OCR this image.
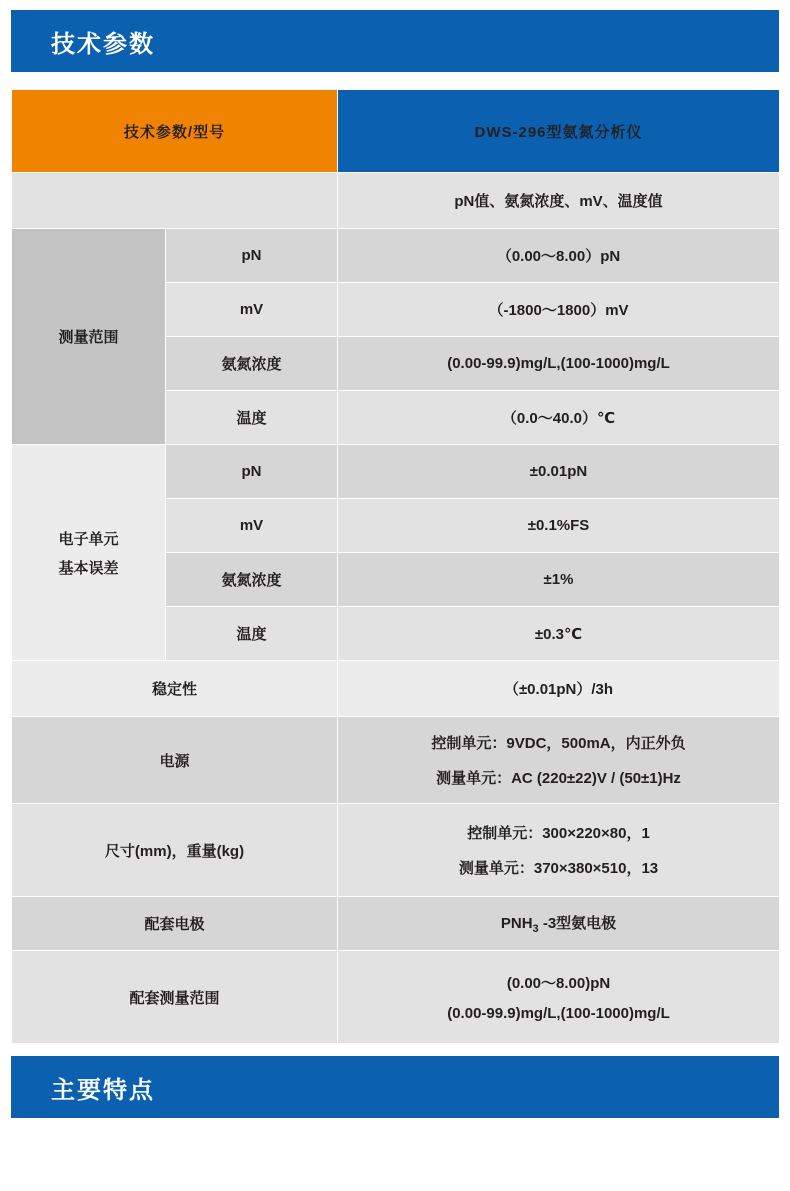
技术参数
技术参数/型号		DWS-296型氨氮分析仪
		pN值、氨氮浓度、mV、温度值
测量范围	pN	（0.00～8.00）pN
	mV	（-1800～1800）mV
	氨氮浓度	(0.00-99.9)mg/L,(100-1000)mg/L
	温度	（0.0～40.0）℃

电子单元
基本误差	pN	±0.01pN
	mV	±0.1%FS
	氨氮浓度	±1%
	温度	±0.3℃
稳定性		（±0.01pN）/3h
电源		控制单元：9VDC，500mA，内正外负
测量单元：AC (220±22)V / (50±1)Hz

尺寸(mm)，重量(kg)		控制单元：300×220×80，1
测量单元：370×380×510，13

配套电极		$PNH_3$ -3型氨电极
配套测量范围		(0.00～8.00)pN
(0.00-99.9)mg/L,(100-1000)mg/L
主要特点
